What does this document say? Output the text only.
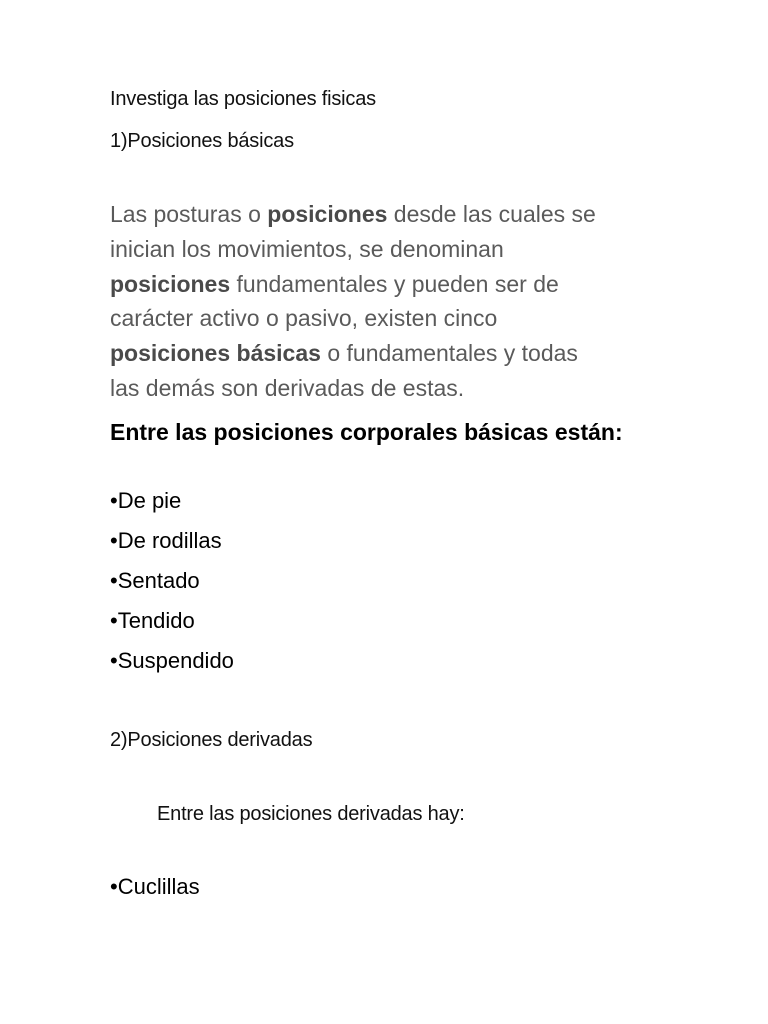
Investiga las posiciones fisicas
1)Posiciones básicas

Las posturas o posiciones desde las cuales se
inician los movimientos, se denominan
posiciones fundamentales y pueden ser de
carácter activo o pasivo, existen cinco
posiciones básicas o fundamentales y todas
las demás son derivadas de estas.

Entre las posiciones corporales básicas están:

•De pie
•De rodillas
•Sentado
•Tendido
•Suspendido
2)Posiciones derivadas
Entre las posiciones derivadas hay:

•Cuclillas
